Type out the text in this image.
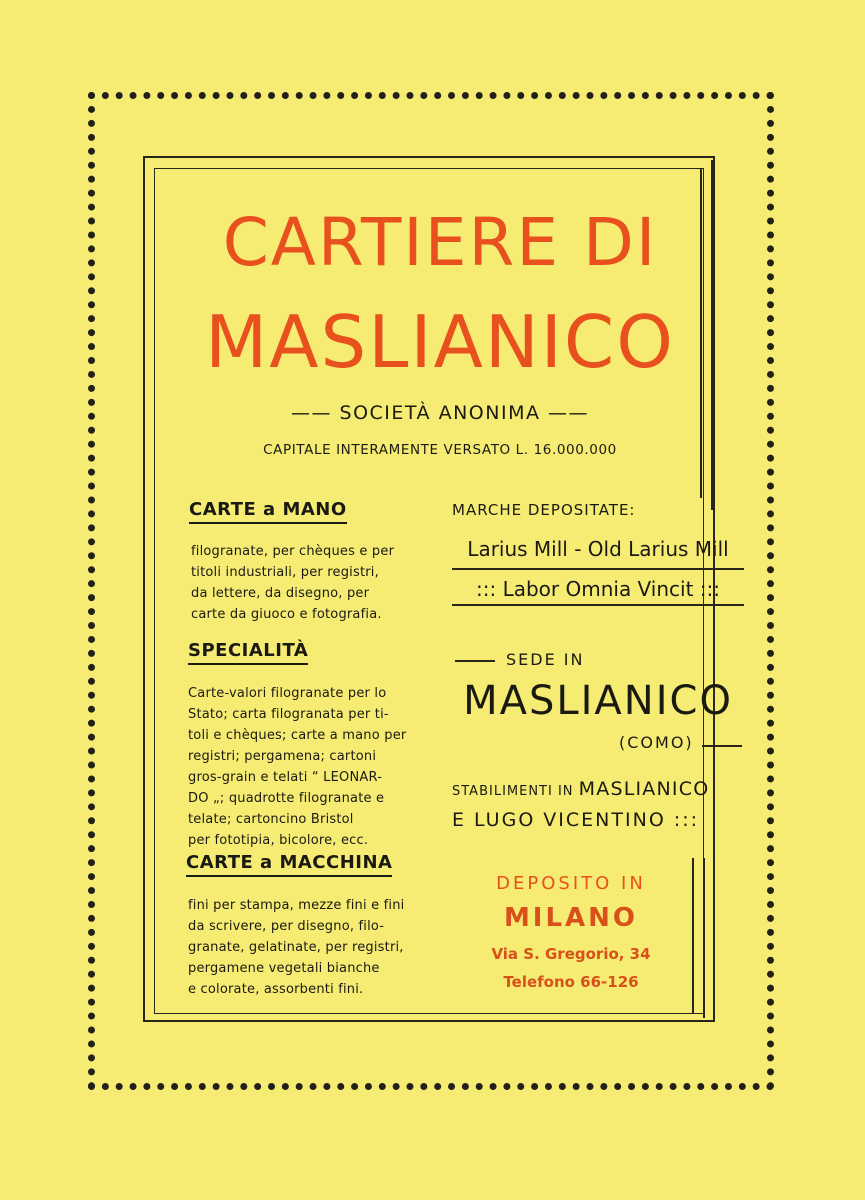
CARTIERE DI
MASLIANICO
—— SOCIETÀ ANONIMA ——
CAPITALE INTERAMENTE VERSATO L. 16.000.000
CARTE a MANO
filogranate, per chèques e per
titoli industriali, per registri,
da lettere, da disegno, per
carte da giuoco e fotografia.
SPECIALITÀ
Carte-valori filogranate per lo
Stato; carta filogranata per ti-
toli e chèques; carte a mano per
registri; pergamena; cartoni
gros-grain e telati “ LEONAR-
DO „; quadrotte filogranate e
telate; cartoncino Bristol
per fototipia, bicolore, ecc.
CARTE a MACCHINA
fini per stampa, mezze fini e fini
da scrivere, per disegno, filo-
granate, gelatinate, per registri,
pergamene vegetali bianche
e colorate, assorbenti fini.
MARCHE DEPOSITATE:
Larius Mill - Old Larius Mill
::: Labor Omnia Vincit :::
SEDE IN
MASLIANICO
(COMO)
STABILIMENTI IN MASLIANICO
E LUGO VICENTINO :::
DEPOSITO IN
MILANO
Via S. Gregorio, 34
Telefono 66-126
